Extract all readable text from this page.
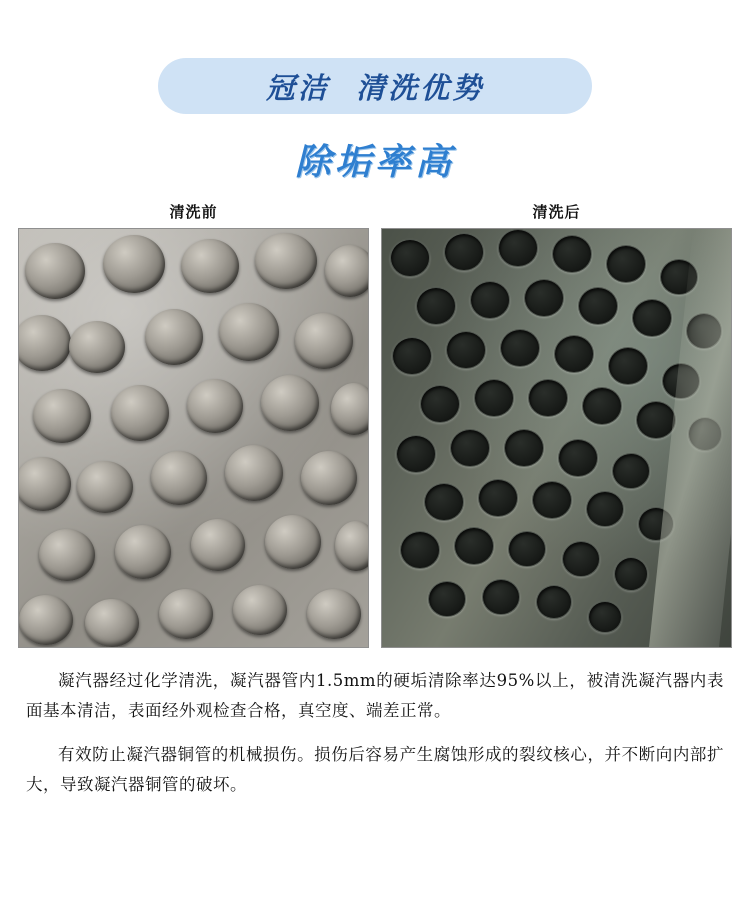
冠洁  清洗优势
除垢率高
清洗前	清洗后

凝汽器经过化学清洗，凝汽器管内1.5mm的硬垢清除率达95%以上，被清洗凝汽器内表面基本清洁，表面经外观检查合格，真空度、端差正常。

有效防止凝汽器铜管的机械损伤。损伤后容易产生腐蚀形成的裂纹核心，并不断向内部扩大，导致凝汽器铜管的破坏。
